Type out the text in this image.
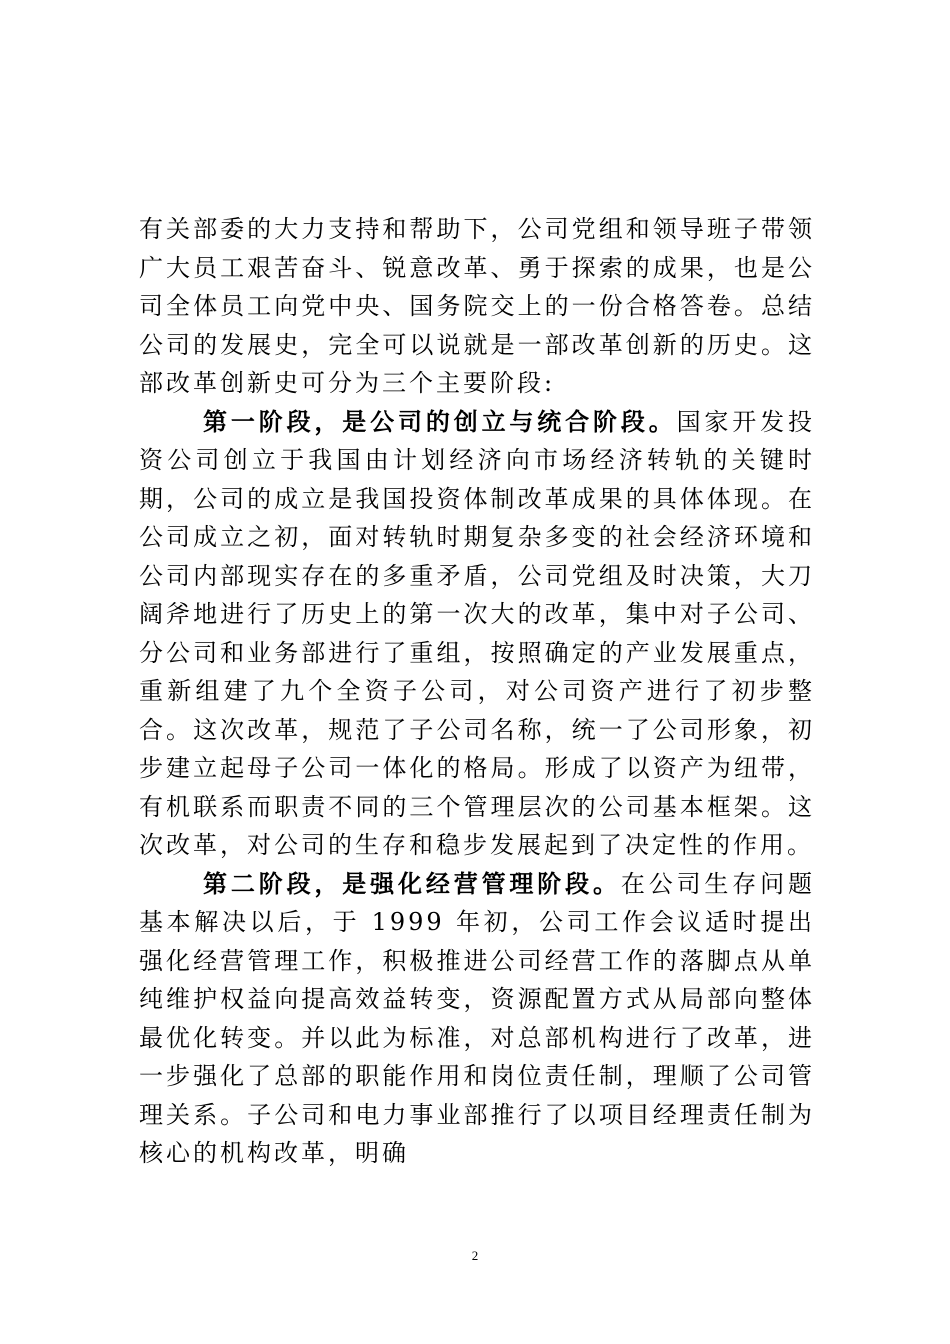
有关部委的大力支持和帮助下，公司党组和领导班子带领广大员工艰苦奋斗、锐意改革、勇于探索的成果，也是公司全体员工向党中央、国务院交上的一份合格答卷。总结公司的发展史，完全可以说就是一部改革创新的历史。这部改革创新史可分为三个主要阶段:

第一阶段，是公司的创立与统合阶段。国家开发投资公司创立于我国由计划经济向市场经济转轨的关键时期，公司的成立是我国投资体制改革成果的具体体现。在公司成立之初，面对转轨时期复杂多变的社会经济环境和公司内部现实存在的多重矛盾，公司党组及时决策，大刀阔斧地进行了历史上的第一次大的改革，集中对子公司、分公司和业务部进行了重组，按照确定的产业发展重点，重新组建了九个全资子公司，对公司资产进行了初步整合。这次改革，规范了子公司名称，统一了公司形象，初步建立起母子公司一体化的格局。形成了以资产为纽带，有机联系而职责不同的三个管理层次的公司基本框架。这次改革，对公司的生存和稳步发展起到了决定性的作用。

第二阶段，是强化经营管理阶段。在公司生存问题基本解决以后，于 1999 年初，公司工作会议适时提出强化经营管理工作，积极推进公司经营工作的落脚点从单纯维护权益向提高效益转变，资源配置方式从局部向整体最优化转变。并以此为标准，对总部机构进行了改革，进一步强化了总部的职能作用和岗位责任制，理顺了公司管理关系。子公司和电力事业部推行了以项目经理责任制为核心的机构改革，明确

2
